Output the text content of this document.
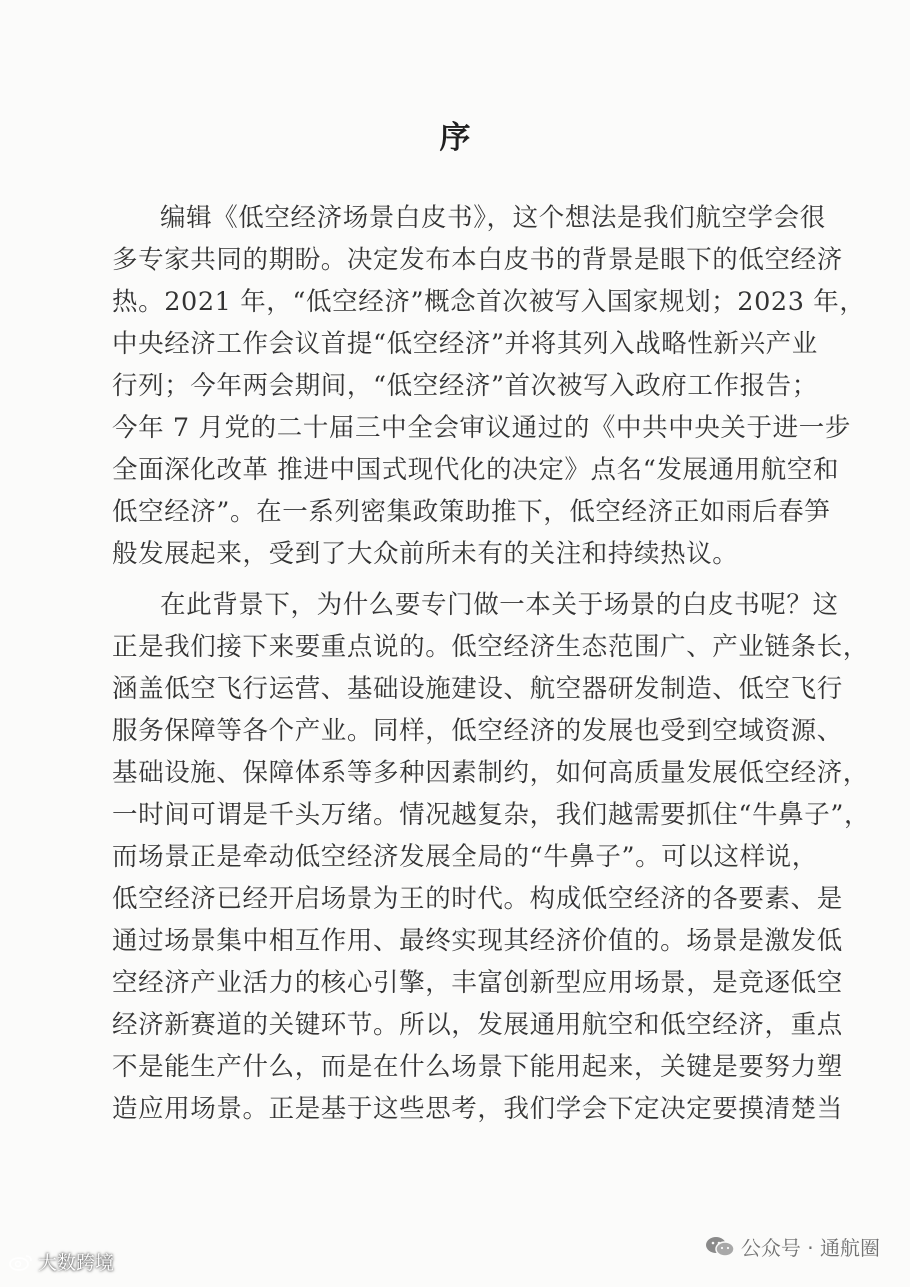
序
编辑《低空经济场景白皮书》，这个想法是我们航空学会很
多专家共同的期盼。决定发布本白皮书的背景是眼下的低空经济
热。2021 年，“低空经济”概念首次被写入国家规划；2023 年，
中央经济工作会议首提“低空经济”并将其列入战略性新兴产业
行列；今年两会期间，“低空经济”首次被写入政府工作报告；
今年 7 月党的二十届三中全会审议通过的《中共中央关于进一步
全面深化改革 推进中国式现代化的决定》点名“发展通用航空和
低空经济”。在一系列密集政策助推下，低空经济正如雨后春笋
般发展起来，受到了大众前所未有的关注和持续热议。
在此背景下，为什么要专门做一本关于场景的白皮书呢？这
正是我们接下来要重点说的。低空经济生态范围广、产业链条长，
涵盖低空飞行运营、基础设施建设、航空器研发制造、低空飞行
服务保障等各个产业。同样，低空经济的发展也受到空域资源、
基础设施、保障体系等多种因素制约，如何高质量发展低空经济，
一时间可谓是千头万绪。情况越复杂，我们越需要抓住“牛鼻子”，
而场景正是牵动低空经济发展全局的“牛鼻子”。可以这样说，
低空经济已经开启场景为王的时代。构成低空经济的各要素、是
通过场景集中相互作用、最终实现其经济价值的。场景是激发低
空经济产业活力的核心引擎，丰富创新型应用场景，是竞逐低空
经济新赛道的关键环节。所以，发展通用航空和低空经济，重点
不是能生产什么，而是在什么场景下能用起来，关键是要努力塑
造应用场景。正是基于这些思考，我们学会下定决定要摸清楚当
公众号 · 通航圈
大数跨境
